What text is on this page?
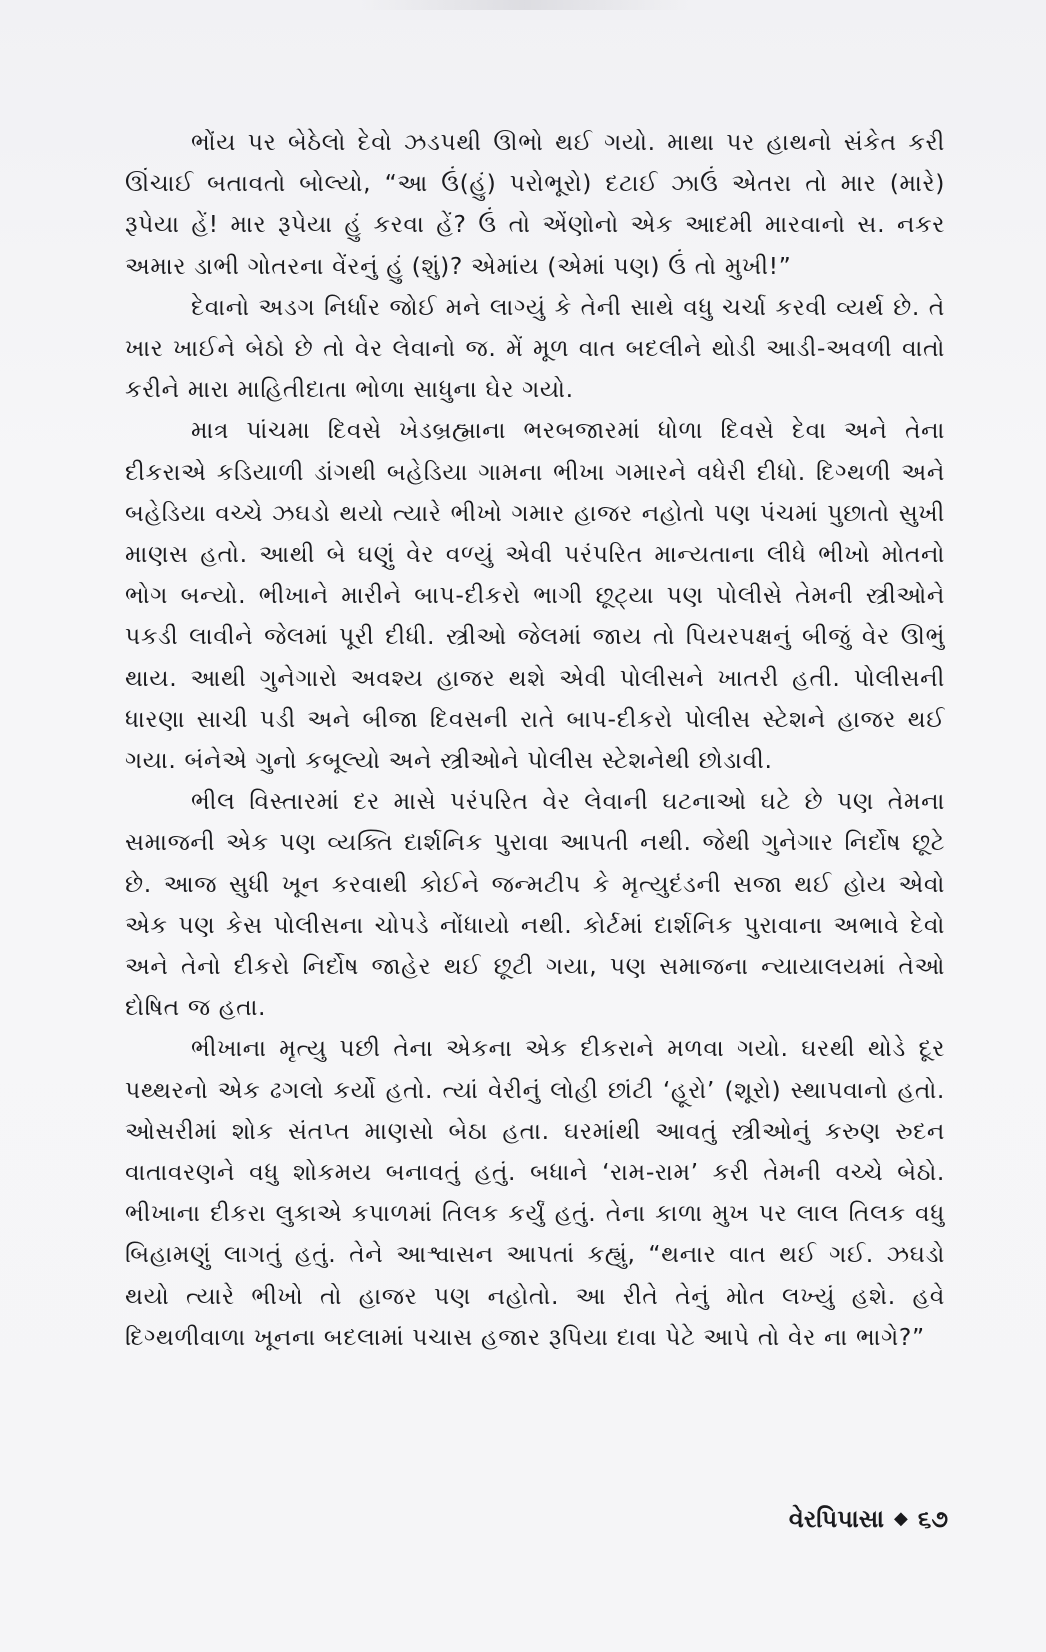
ભોંય પર બેઠેલો દેવો ઝડપથી ઊભો થઈ ગયો. માથા પર હાથનો સંકેત કરી ઊંચાઈ બતાવતો બોલ્યો, “આ ઉં(હું) પરોભૂરો) દટાઈ ઝાઉં એતરા તો માર (મારે) રૂપેયા હેં! માર રૂપેયા હું કરવા હેં? ઉં તો એંણોનો એક આદમી મારવાનો સ. નકર અમાર ડાભી ગોતરના વેંરનું હું (શું)? એમાંય (એમાં પણ) ઉં તો મુખી!”

દેવાનો અડગ નિર્ધાર જોઈ મને લાગ્યું કે તેની સાથે વધુ ચર્ચા કરવી વ્યર્થ છે. તે ખાર ખાઈને બેઠો છે તો વેર લેવાનો જ. મેં મૂળ વાત બદલીને થોડી આડી-અવળી વાતો કરીને મારા માહિતીદાતા ભોળા સાધુના ઘેર ગયો.

માત્ર પાંચમા દિવસે ખેડબ્રહ્માના ભરબજારમાં ધોળા દિવસે દેવા અને તેના દીકરાએ કડિયાળી ડાંગથી બહેડિયા ગામના ભીખા ગમારને વધેરી દીધો. દિગ્થળી અને બહેડિયા વચ્ચે ઝઘડો થયો ત્યારે ભીખો ગમાર હાજર નહોતો પણ પંચમાં પુછાતો સુખી માણસ હતો. આથી બે ઘણું વેર વળ્યું એવી પરંપરિત માન્યતાના લીધે ભીખો મોતનો ભોગ બન્યો. ભીખાને મારીને બાપ-દીકરો ભાગી છૂટ્યા પણ પોલીસે તેમની સ્ત્રીઓને પકડી લાવીને જેલમાં પૂરી દીધી. સ્ત્રીઓ જેલમાં જાય તો પિયરપક્ષનું બીજું વેર ઊભું થાય. આથી ગુનેગારો અવશ્ય હાજર થશે એવી પોલીસને ખાતરી હતી. પોલીસની ધારણા સાચી પડી અને બીજા દિવસની રાતે બાપ-દીકરો પોલીસ સ્ટેશને હાજર થઈ ગયા. બંનેએ ગુનો કબૂલ્યો અને સ્ત્રીઓને પોલીસ સ્ટેશનેથી છોડાવી.

ભીલ વિસ્તારમાં દર માસે પરંપરિત વેર લેવાની ઘટનાઓ ઘટે છે પણ તેમના સમાજની એક પણ વ્યક્તિ દાર્શનિક પુરાવા આપતી નથી. જેથી ગુનેગાર નિર્દોષ છૂટે છે. આજ સુધી ખૂન કરવાથી કોઈને જન્મટીપ કે મૃત્યુદંડની સજા થઈ હોય એવો એક પણ કેસ પોલીસના ચોપડે નોંધાયો નથી. કોર્ટમાં દાર્શનિક પુરાવાના અભાવે દેવો અને તેનો દીકરો નિર્દોષ જાહેર થઈ છૂટી ગયા, પણ સમાજના ન્યાયાલયમાં તેઓ દોષિત જ હતા.

ભીખાના મૃત્યુ પછી તેના એકના એક દીકરાને મળવા ગયો. ઘરથી થોડે દૂર પથ્થરનો એક ઢગલો કર્યો હતો. ત્યાં વેરીનું લોહી છાંટી ‘હૂરો’ (શૂરો) સ્થાપવાનો હતો. ઓસરીમાં શોક સંતપ્ત માણસો બેઠા હતા. ઘરમાંથી આવતું સ્ત્રીઓનું કરુણ રુદન વાતાવરણને વધુ શોકમય બનાવતું હતું. બધાને ‘રામ-રામ’ કરી તેમની વચ્ચે બેઠો. ભીખાના દીકરા લુકાએ કપાળમાં તિલક કર્યું હતું. તેના કાળા મુખ પર લાલ તિલક વધુ બિહામણું લાગતું હતું. તેને આશ્વાસન આપતાં કહ્યું, “થનાર વાત થઈ ગઈ. ઝઘડો થયો ત્યારે ભીખો તો હાજર પણ નહોતો. આ રીતે તેનું મોત લખ્યું હશે. હવે દિગ્થળીવાળા ખૂનના બદલામાં પચાસ હજાર રૂપિયા દાવા પેટે આપે તો વેર ના ભાગે?”

વેરપિપાસા ◆ ૬૭
